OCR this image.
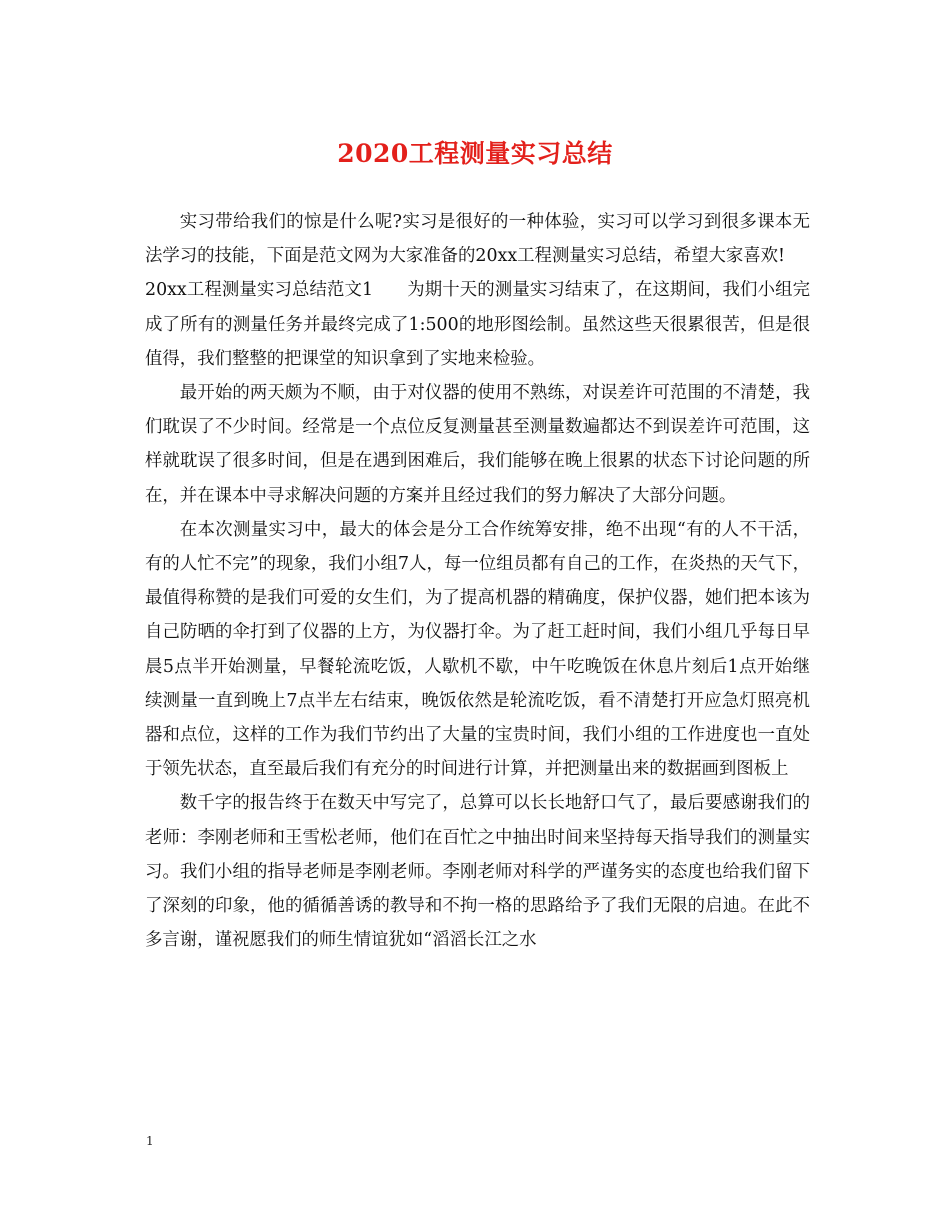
2020工程测量实习总结

实习带给我们的惊是什么呢?实习是很好的一种体验，实习可以学习到很多课本无法学习的技能，下面是范文网为大家准备的20xx工程测量实习总结，希望大家喜欢!

20xx工程测量实习总结范文1 为期十天的测量实习结束了，在这期间，我们小组完成了所有的测量任务并最终完成了1:500的地形图绘制。虽然这些天很累很苦，但是很值得，我们整整的把课堂的知识拿到了实地来检验。

最开始的两天颇为不顺，由于对仪器的使用不熟练，对误差许可范围的不清楚，我们耽误了不少时间。经常是一个点位反复测量甚至测量数遍都达不到误差许可范围，这样就耽误了很多时间，但是在遇到困难后，我们能够在晚上很累的状态下讨论问题的所在，并在课本中寻求解决问题的方案并且经过我们的努力解决了大部分问题。

在本次测量实习中，最大的体会是分工合作统筹安排，绝不出现“有的人不干活，有的人忙不完”的现象，我们小组7人，每一位组员都有自己的工作，在炎热的天气下，最值得称赞的是我们可爱的女生们，为了提高机器的精确度，保护仪器，她们把本该为自己防晒的伞打到了仪器的上方，为仪器打伞。为了赶工赶时间，我们小组几乎每日早晨5点半开始测量，早餐轮流吃饭，人歇机不歇，中午吃晚饭在休息片刻后1点开始继续测量一直到晚上7点半左右结束，晚饭依然是轮流吃饭，看不清楚打开应急灯照亮机器和点位，这样的工作为我们节约出了大量的宝贵时间，我们小组的工作进度也一直处于领先状态，直至最后我们有充分的时间进行计算，并把测量出来的数据画到图板上

数千字的报告终于在数天中写完了，总算可以长长地舒口气了，最后要感谢我们的老师：李刚老师和王雪松老师，他们在百忙之中抽出时间来坚持每天指导我们的测量实习。我们小组的指导老师是李刚老师。李刚老师对科学的严谨务实的态度也给我们留下了深刻的印象，他的循循善诱的教导和不拘一格的思路给予了我们无限的启迪。在此不多言谢，谨祝愿我们的师生情谊犹如“滔滔长江之水

1
